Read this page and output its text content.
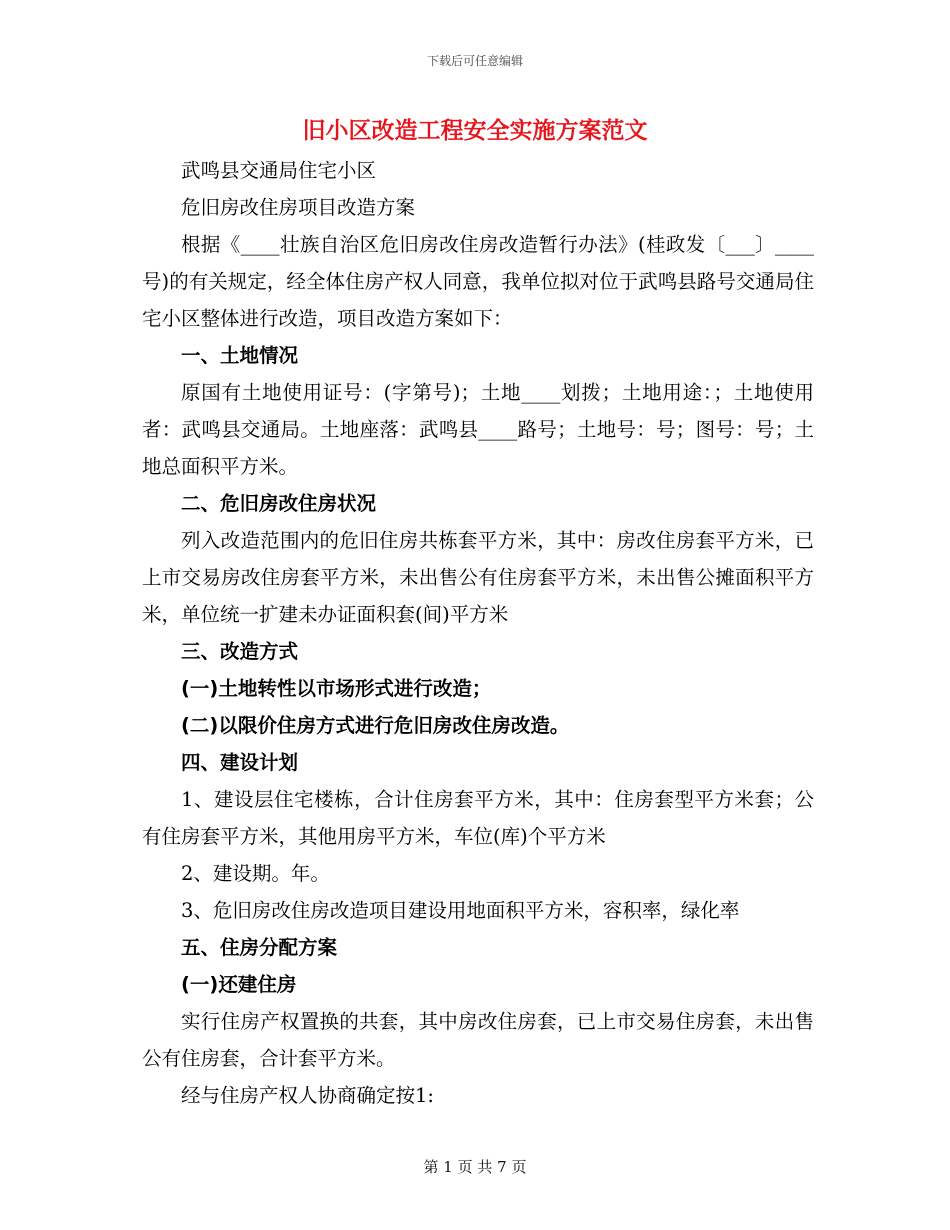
下载后可任意编辑
旧小区改造工程安全实施方案范文

武鸣县交通局住宅小区

危旧房改住房项目改造方案

根据《____壮族自治区危旧房改住房改造暂行办法》(桂政发〔___〕____号)的有关规定，经全体住房产权人同意，我单位拟对位于武鸣县路号交通局住宅小区整体进行改造，项目改造方案如下：

一、土地情况

原国有土地使用证号：(字第号)；土地____划拨；土地用途：；土地使用者：武鸣县交通局。土地座落：武鸣县____路号；土地号：号；图号：号；土地总面积平方米。

二、危旧房改住房状况

列入改造范围内的危旧住房共栋套平方米，其中：房改住房套平方米，已上市交易房改住房套平方米，未出售公有住房套平方米，未出售公摊面积平方米，单位统一扩建未办证面积套(间)平方米

三、改造方式

(一)土地转性以市场形式进行改造；

(二)以限价住房方式进行危旧房改住房改造。

四、建设计划

1、建设层住宅楼栋，合计住房套平方米，其中：住房套型平方米套；公有住房套平方米，其他用房平方米，车位(库)个平方米

2、建设期。年。

3、危旧房改住房改造项目建设用地面积平方米，容积率，绿化率

五、住房分配方案

(一)还建住房

实行住房产权置换的共套，其中房改住房套，已上市交易住房套，未出售公有住房套，合计套平方米。

经与住房产权人协商确定按1:

第 1 页 共 7 页
